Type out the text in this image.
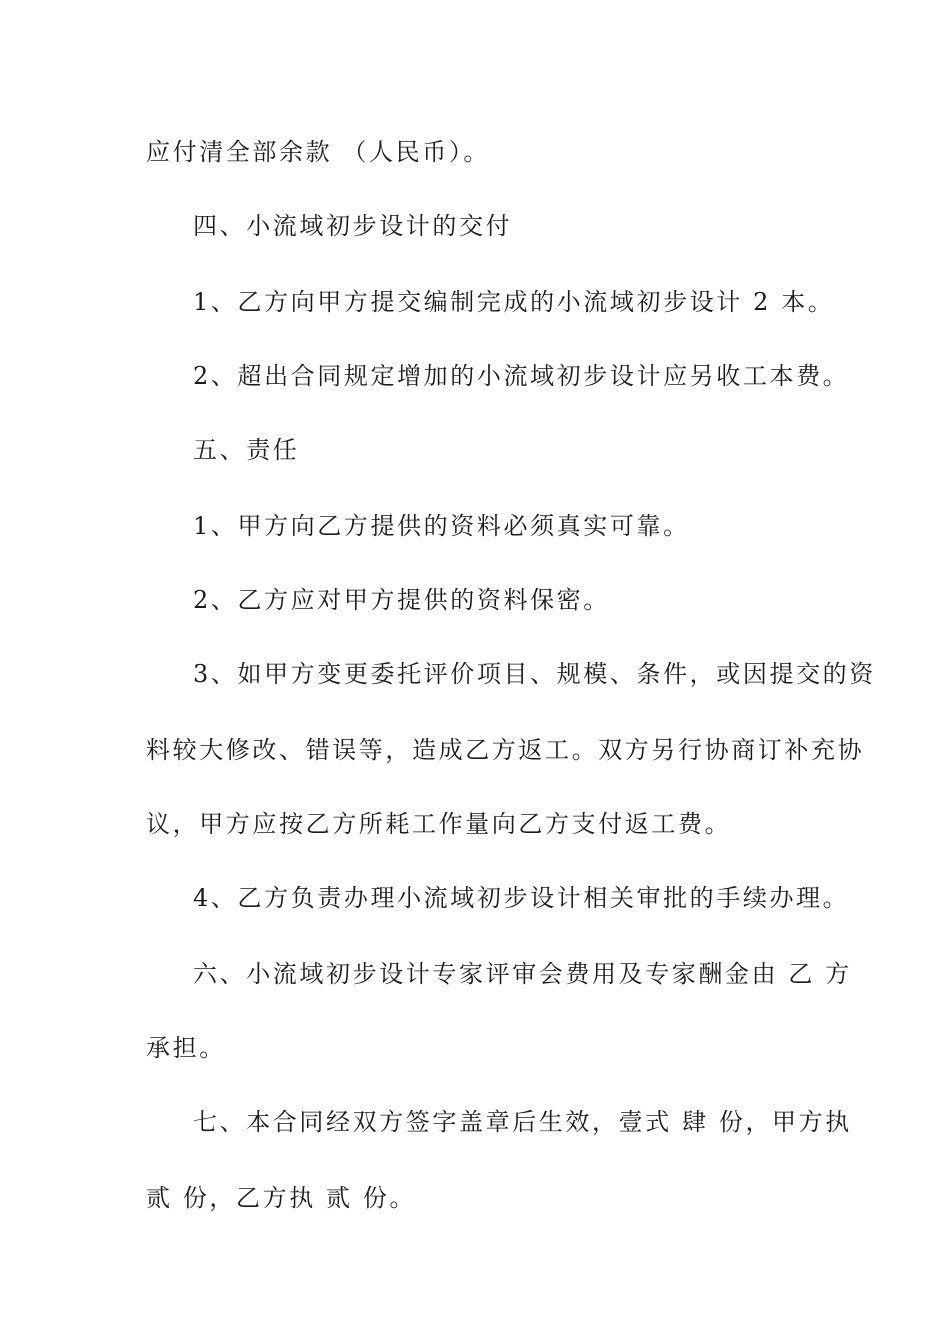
应付清全部余款 （人民币）。
四、小流域初步设计的交付
1、乙方向甲方提交编制完成的小流域初步设计 2 本。
2、超出合同规定增加的小流域初步设计应另收工本费。
五、责任
1、甲方向乙方提供的资料必须真实可靠。
2、乙方应对甲方提供的资料保密。
3、如甲方变更委托评价项目、规模、条件，或因提交的资
料较大修改、错误等，造成乙方返工。双方另行协商订补充协
议，甲方应按乙方所耗工作量向乙方支付返工费。
4、乙方负责办理小流域初步设计相关审批的手续办理。
六、小流域初步设计专家评审会费用及专家酬金由 乙 方
承担。
七、本合同经双方签字盖章后生效，壹式 肆 份，甲方执
贰 份，乙方执 贰 份。
